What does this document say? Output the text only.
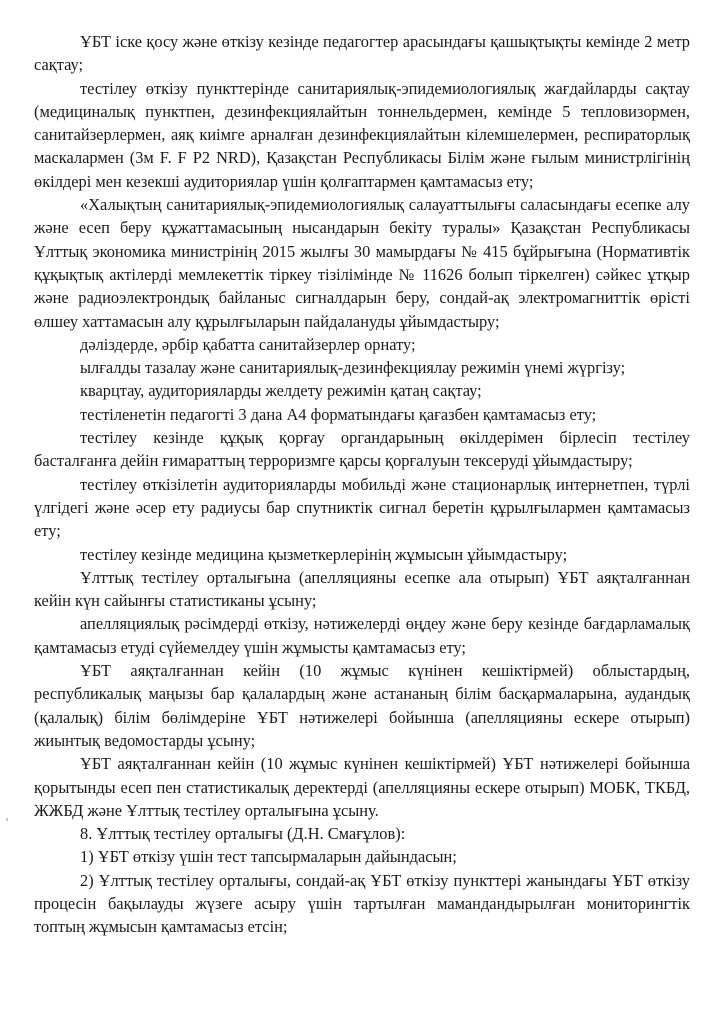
ҰБТ іске қосу және өткізу кезінде педагогтер арасындағы қашықтықты кемінде 2 метр сақтау;

тестілеу өткізу пункттерінде санитариялық-эпидемиологиялық жағдайларды сақтау (медициналық пунктпен, дезинфекциялайтын тоннельдермен, кемінде 5 тепловизормен, санитайзерлермен, аяқ киімге арналған дезинфекциялайтын кілемшелермен, респираторлық маскалармен (3м F. F P2 NRD), Қазақстан Республикасы Білім және ғылым министрлігінің өкілдері мен кезекші аудиториялар үшін қолғаптармен қамтамасыз ету;

«Халықтың санитариялық-эпидемиологиялық салауаттылығы саласындағы есепке алу және есеп беру құжаттамасының нысандарын бекіту туралы» Қазақстан Республикасы Ұлттық экономика министрінің 2015 жылғы 30 мамырдағы № 415 бұйрығына (Нормативтік құқықтық актілерді мемлекеттік тіркеу тізілімінде № 11626 болып тіркелген) сәйкес ұтқыр және радиоэлектрондық байланыс сигналдарын беру, сондай-ақ электромагниттік өрісті өлшеу хаттамасын алу құрылғыларын пайдалануды ұйымдастыру;

дәліздерде, әрбір қабатта санитайзерлер орнату;

ылғалды тазалау және санитариялық-дезинфекциялау режимін үнемі жүргізу;

кварцтау, аудиторияларды желдету режимін қатаң сақтау;

тестіленетін педагогті 3 дана А4 форматындағы қағазбен қамтамасыз ету;

тестілеу кезінде құқық қорғау органдарының өкілдерімен бірлесіп тестілеу басталғанға дейін ғимараттың терроризмге қарсы қорғалуын тексеруді ұйымдастыру;

тестілеу өткізілетін аудиторияларды мобильді және стационарлық интернетпен, түрлі үлгідегі және әсер ету радиусы бар спутниктік сигнал беретін құрылғылармен қамтамасыз ету;

тестілеу кезінде медицина қызметкерлерінің жұмысын ұйымдастыру;

Ұлттық тестілеу орталығына (апелляцияны есепке ала отырып) ҰБТ аяқталғаннан кейін күн сайынғы статистиканы ұсыну;

апелляциялық рәсімдерді өткізу, нәтижелерді өңдеу және беру кезінде бағдарламалық қамтамасыз етуді сүйемелдеу үшін жұмысты қамтамасыз ету;

ҰБТ аяқталғаннан кейін (10 жұмыс күнінен кешіктірмей) облыстардың, республикалық маңызы бар қалалардың және астананың білім басқармаларына, аудандық (қалалық) білім бөлімдеріне ҰБТ нәтижелері бойынша (апелляцияны ескере отырып) жиынтық ведомостарды ұсыну;

ҰБТ аяқталғаннан кейін (10 жұмыс күнінен кешіктірмей) ҰБТ нәтижелері бойынша қорытынды есеп пен статистикалық деректерді (апелляцияны ескере отырып) МОБК, ТКБД, ЖЖБД және Ұлттық тестілеу орталығына ұсыну.

8. Ұлттық тестілеу орталығы (Д.Н. Смағұлов):

1) ҰБТ өткізу үшін тест тапсырмаларын дайындасын;

2) Ұлттық тестілеу орталығы, сондай-ақ ҰБТ өткізу пункттері жанындағы ҰБТ өткізу процесін бақылауды жүзеге асыру үшін тартылған мамандандырылған мониторингтік топтың жұмысын қамтамасыз етсін;
